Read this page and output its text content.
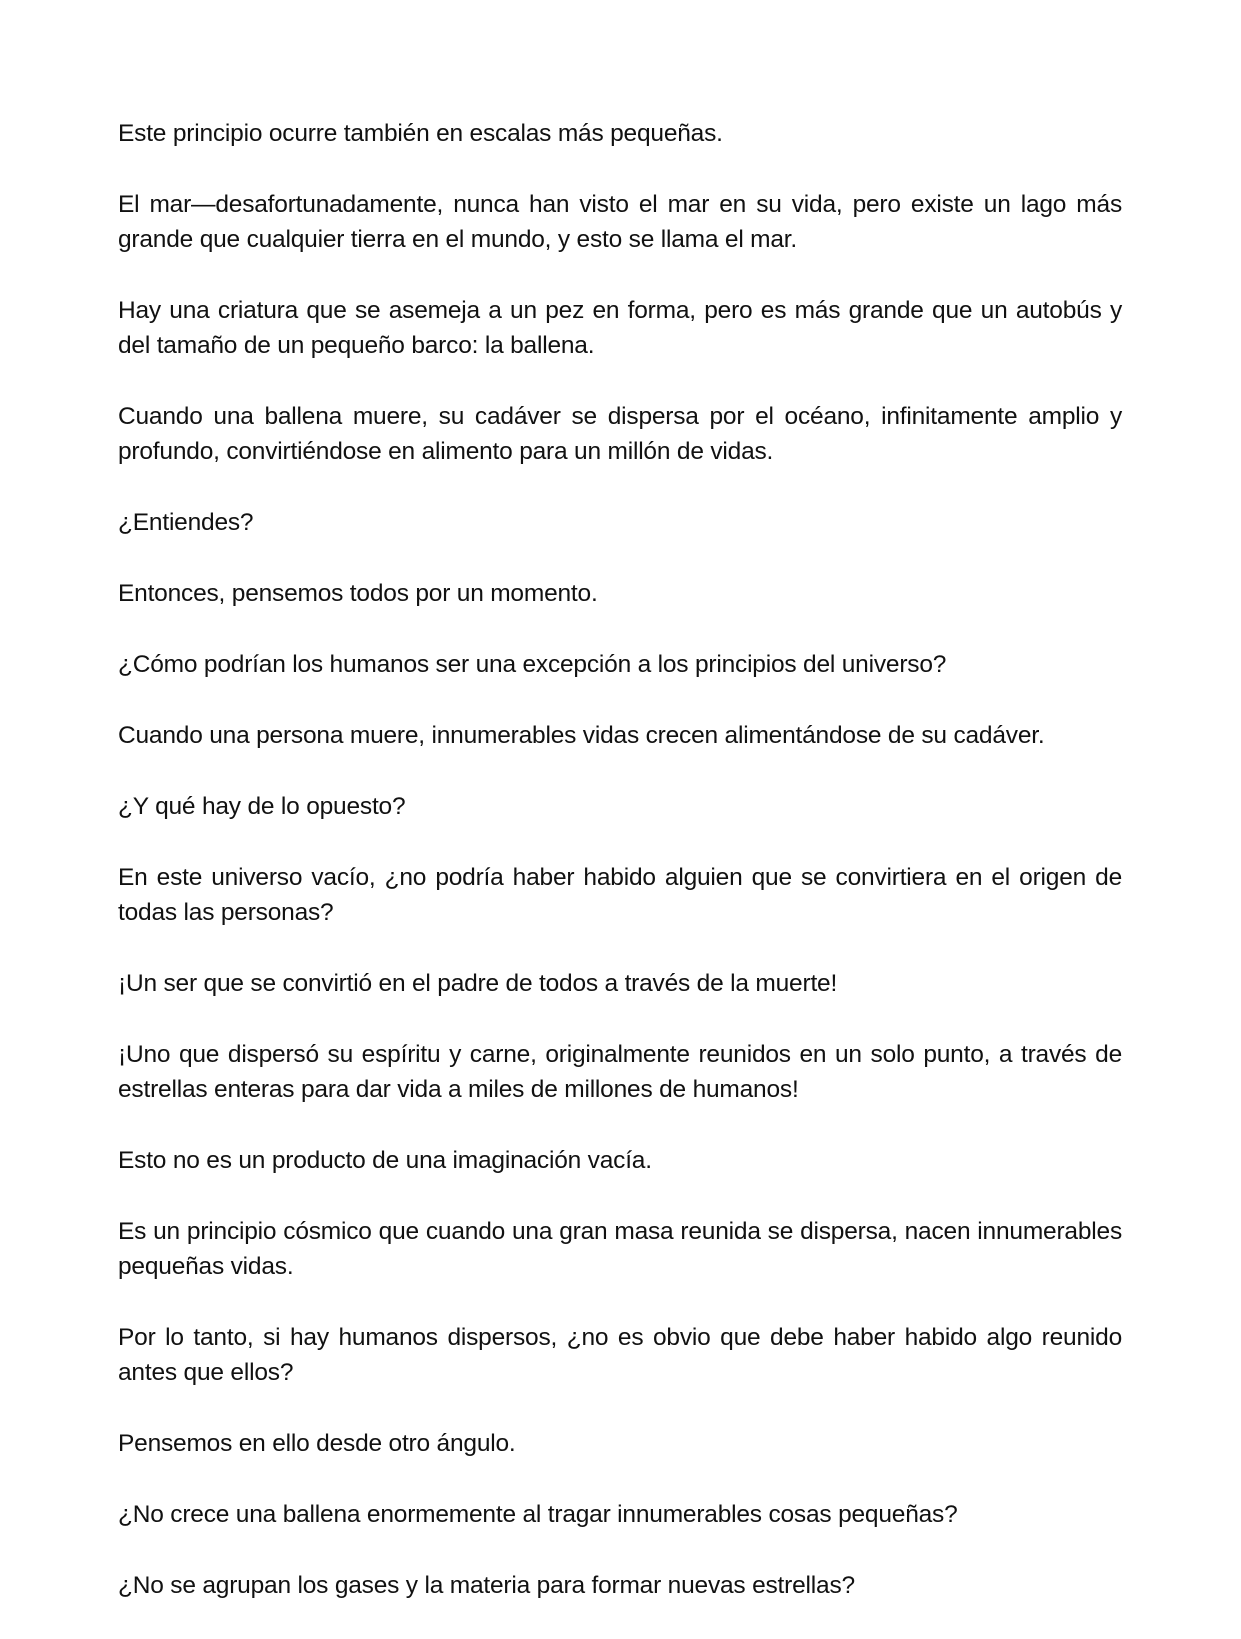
Este principio ocurre también en escalas más pequeñas.

El mar—desafortunadamente, nunca han visto el mar en su vida, pero existe un lago más grande que cualquier tierra en el mundo, y esto se llama el mar.

Hay una criatura que se asemeja a un pez en forma, pero es más grande que un autobús y del tamaño de un pequeño barco: la ballena.

Cuando una ballena muere, su cadáver se dispersa por el océano, infinitamente amplio y profundo, convirtiéndose en alimento para un millón de vidas.

¿Entiendes?

Entonces, pensemos todos por un momento.

¿Cómo podrían los humanos ser una excepción a los principios del universo?

Cuando una persona muere, innumerables vidas crecen alimentándose de su cadáver.

¿Y qué hay de lo opuesto?

En este universo vacío, ¿no podría haber habido alguien que se convirtiera en el origen de todas las personas?

¡Un ser que se convirtió en el padre de todos a través de la muerte!

¡Uno que dispersó su espíritu y carne, originalmente reunidos en un solo punto, a través de estrellas enteras para dar vida a miles de millones de humanos!

Esto no es un producto de una imaginación vacía.

Es un principio cósmico que cuando una gran masa reunida se dispersa, nacen innumerables pequeñas vidas.

Por lo tanto, si hay humanos dispersos, ¿no es obvio que debe haber habido algo reunido antes que ellos?

Pensemos en ello desde otro ángulo.

¿No crece una ballena enormemente al tragar innumerables cosas pequeñas?

¿No se agrupan los gases y la materia para formar nuevas estrellas?
